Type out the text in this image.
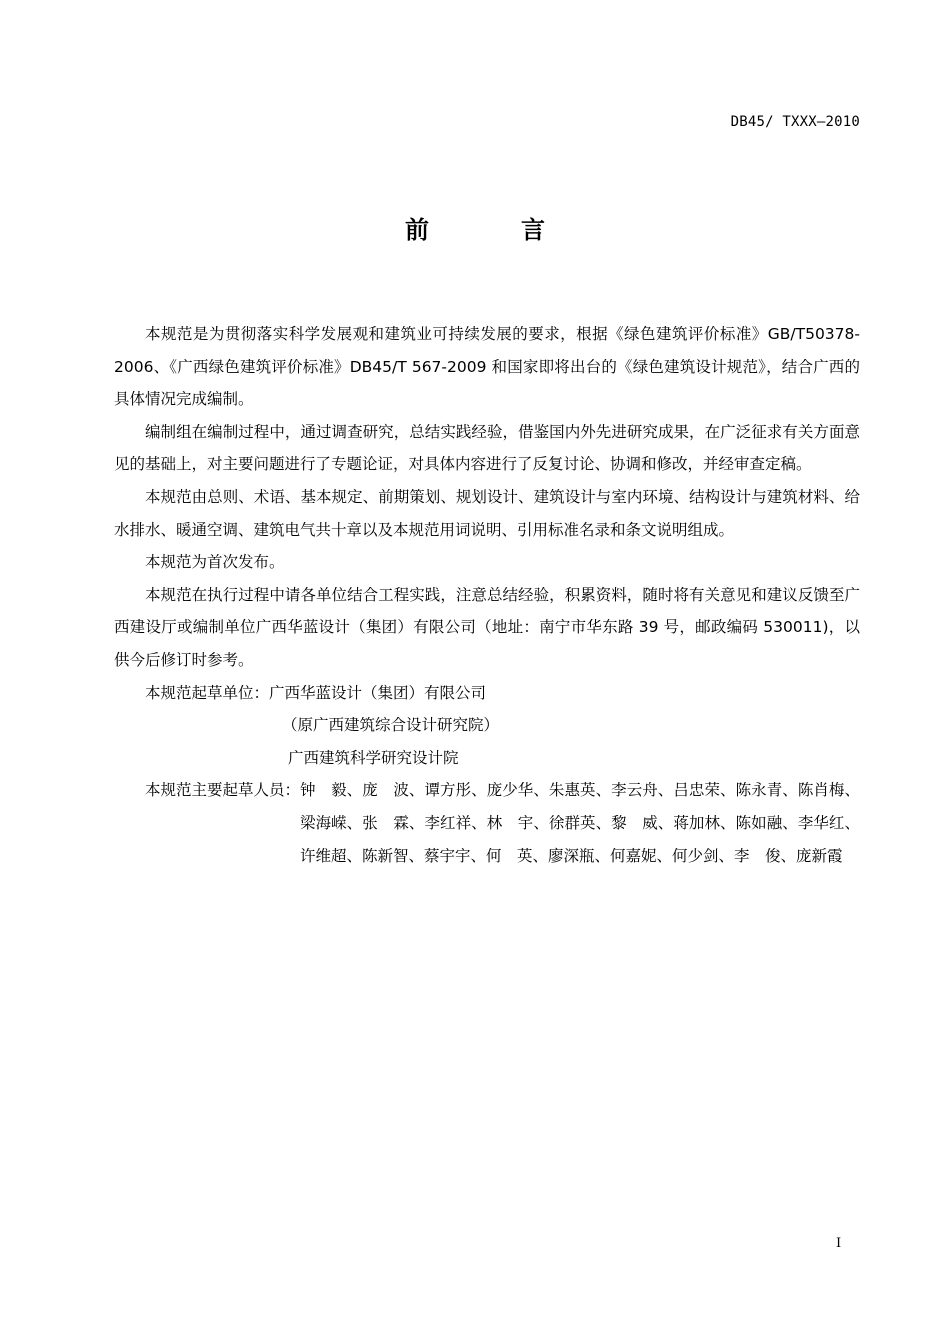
DB45/ TXXX—2010
前	言

本规范是为贯彻落实科学发展观和建筑业可持续发展的要求，根据《绿色建筑评价标准》GB/T50378-2006、《广西绿色建筑评价标准》DB45/T 567-2009 和国家即将出台的《绿色建筑设计规范》，结合广西的具体情况完成编制。

编制组在编制过程中，通过调查研究，总结实践经验，借鉴国内外先进研究成果，在广泛征求有关方面意见的基础上，对主要问题进行了专题论证，对具体内容进行了反复讨论、协调和修改，并经审查定稿。

本规范由总则、术语、基本规定、前期策划、规划设计、建筑设计与室内环境、结构设计与建筑材料、给水排水、暖通空调、建筑电气共十章以及本规范用词说明、引用标准名录和条文说明组成。

本规范为首次发布。

本规范在执行过程中请各单位结合工程实践，注意总结经验，积累资料，随时将有关意见和建议反馈至广西建设厅或编制单位广西华蓝设计（集团）有限公司（地址：南宁市华东路 39 号，邮政编码 530011)，以供今后修订时参考。

本规范起草单位： 广西华蓝设计（集团）有限公司
（原广西建筑综合设计研究院）
广西建筑科学研究设计院
本规范主要起草人员： 钟　毅、庞　波、谭方彤、庞少华、朱惠英、李云舟、吕忠荣、陈永青、陈肖梅、梁海嵘、张　霖、李红祥、林　宇、徐群英、黎　威、蒋加林、陈如融、李华红、许维超、陈新智、蔡宇宇、何　英、廖深瓶、何嘉妮、何少剑、李　俊、庞新霞
I
